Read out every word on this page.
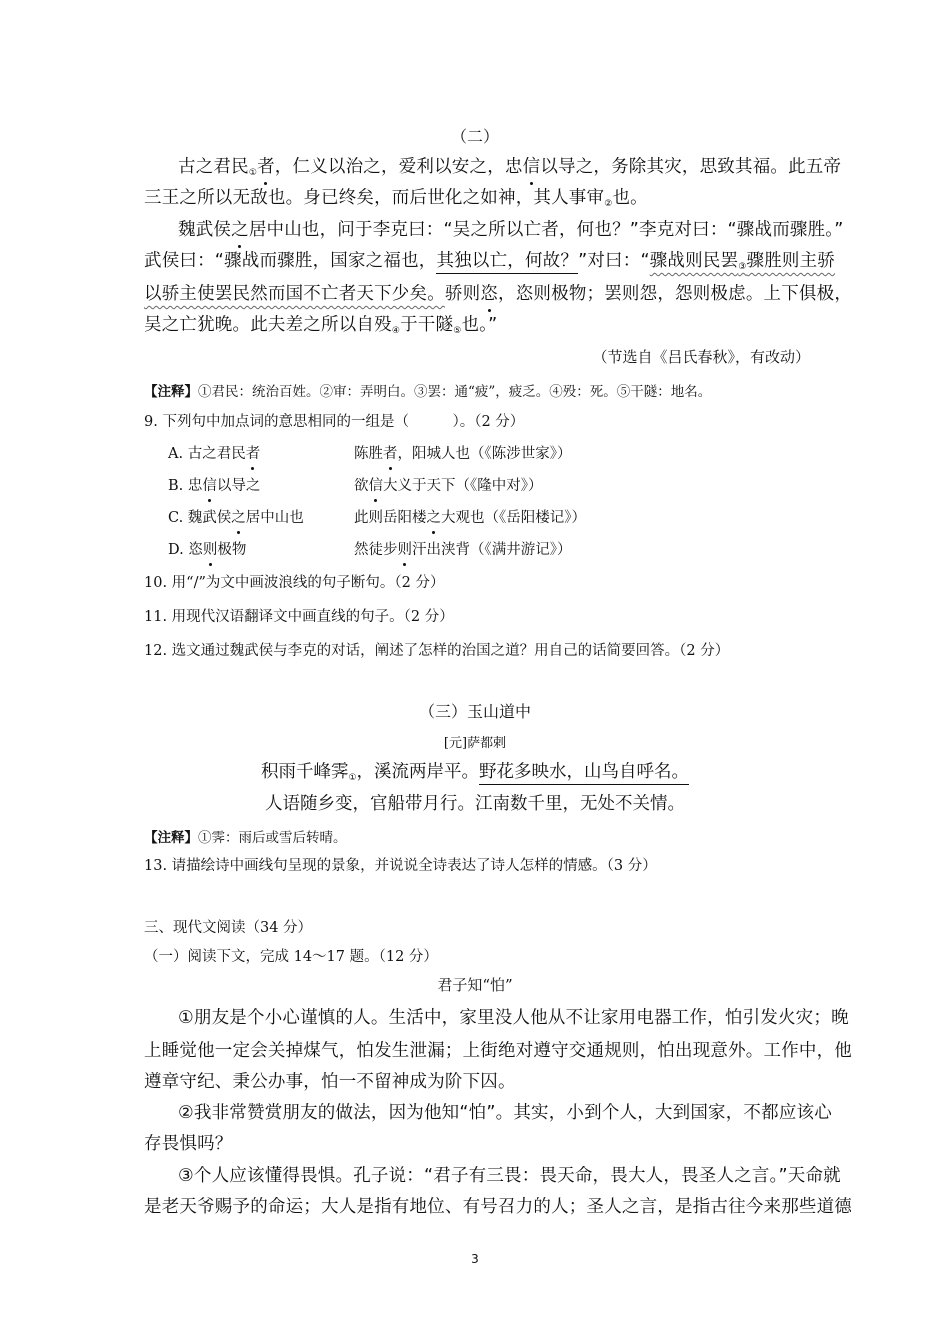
（二）
古之君民$_①$者，仁义以治之，爱利以安之，忠信以导之，务除其灾，思致其福。此五帝
三王之所以无敌也。身已终矣，而后世化之如神，其人事审$_②$也。
魏武侯之居中山也，问于李克曰：“吴之所以亡者，何也？”李克对曰：“骤战而骤胜。”
武侯曰：“骤战而骤胜，国家之福也，其独以亡，何故？”对曰：“骤战则民罢$_③$骤胜则主骄
以骄主使罢民然而国不亡者天下少矣。骄则恣，恣则极物；罢则怨，怨则极虑。上下俱极，
吴之亡犹晚。此夫差之所以自殁$_④$于干隧$_⑤$也。”
（节选自《吕氏春秋》，有改动）
【注释】①君民：统治百姓。②审：弄明白。③罢：通“疲”，疲乏。④殁：死。⑤干隧：地名。
9. 下列句中加点词的意思相同的一组是（　　　）。（2 分）
A. 古之君民者	陈胜者，阳城人也（《陈涉世家》）
B. 忠信以导之	欲信大义于天下（《隆中对》）
C. 魏武侯之居中山也	此则岳阳楼之大观也（《岳阳楼记》）
D. 恣则极物	然徒步则汗出浃背（《满井游记》）
10. 用“/”为文中画波浪线的句子断句。（2 分）
11. 用现代汉语翻译文中画直线的句子。（2 分）
12. 选文通过魏武侯与李克的对话，阐述了怎样的治国之道？用自己的话简要回答。（2 分）
（三）玉山道中
[元]萨都剌
积雨千峰霁$_①$，溪流两岸平。野花多映水，山鸟自呼名。
人语随乡变，官船带月行。江南数千里，无处不关情。
【注释】①霁：雨后或雪后转晴。
13. 请描绘诗中画线句呈现的景象，并说说全诗表达了诗人怎样的情感。（3 分）
三、现代文阅读（34 分）
（一）阅读下文，完成 14～17 题。（12 分）
君子知“怕”
①朋友是个小心谨慎的人。生活中，家里没人他从不让家用电器工作，怕引发火灾；晚
上睡觉他一定会关掉煤气，怕发生泄漏；上街绝对遵守交通规则，怕出现意外。工作中，他
遵章守纪、秉公办事，怕一不留神成为阶下囚。
②我非常赞赏朋友的做法，因为他知“怕”。其实，小到个人，大到国家，不都应该心
存畏惧吗？
③个人应该懂得畏惧。孔子说：“君子有三畏：畏天命，畏大人，畏圣人之言。”天命就
是老天爷赐予的命运；大人是指有地位、有号召力的人；圣人之言，是指古往今来那些道德
3
